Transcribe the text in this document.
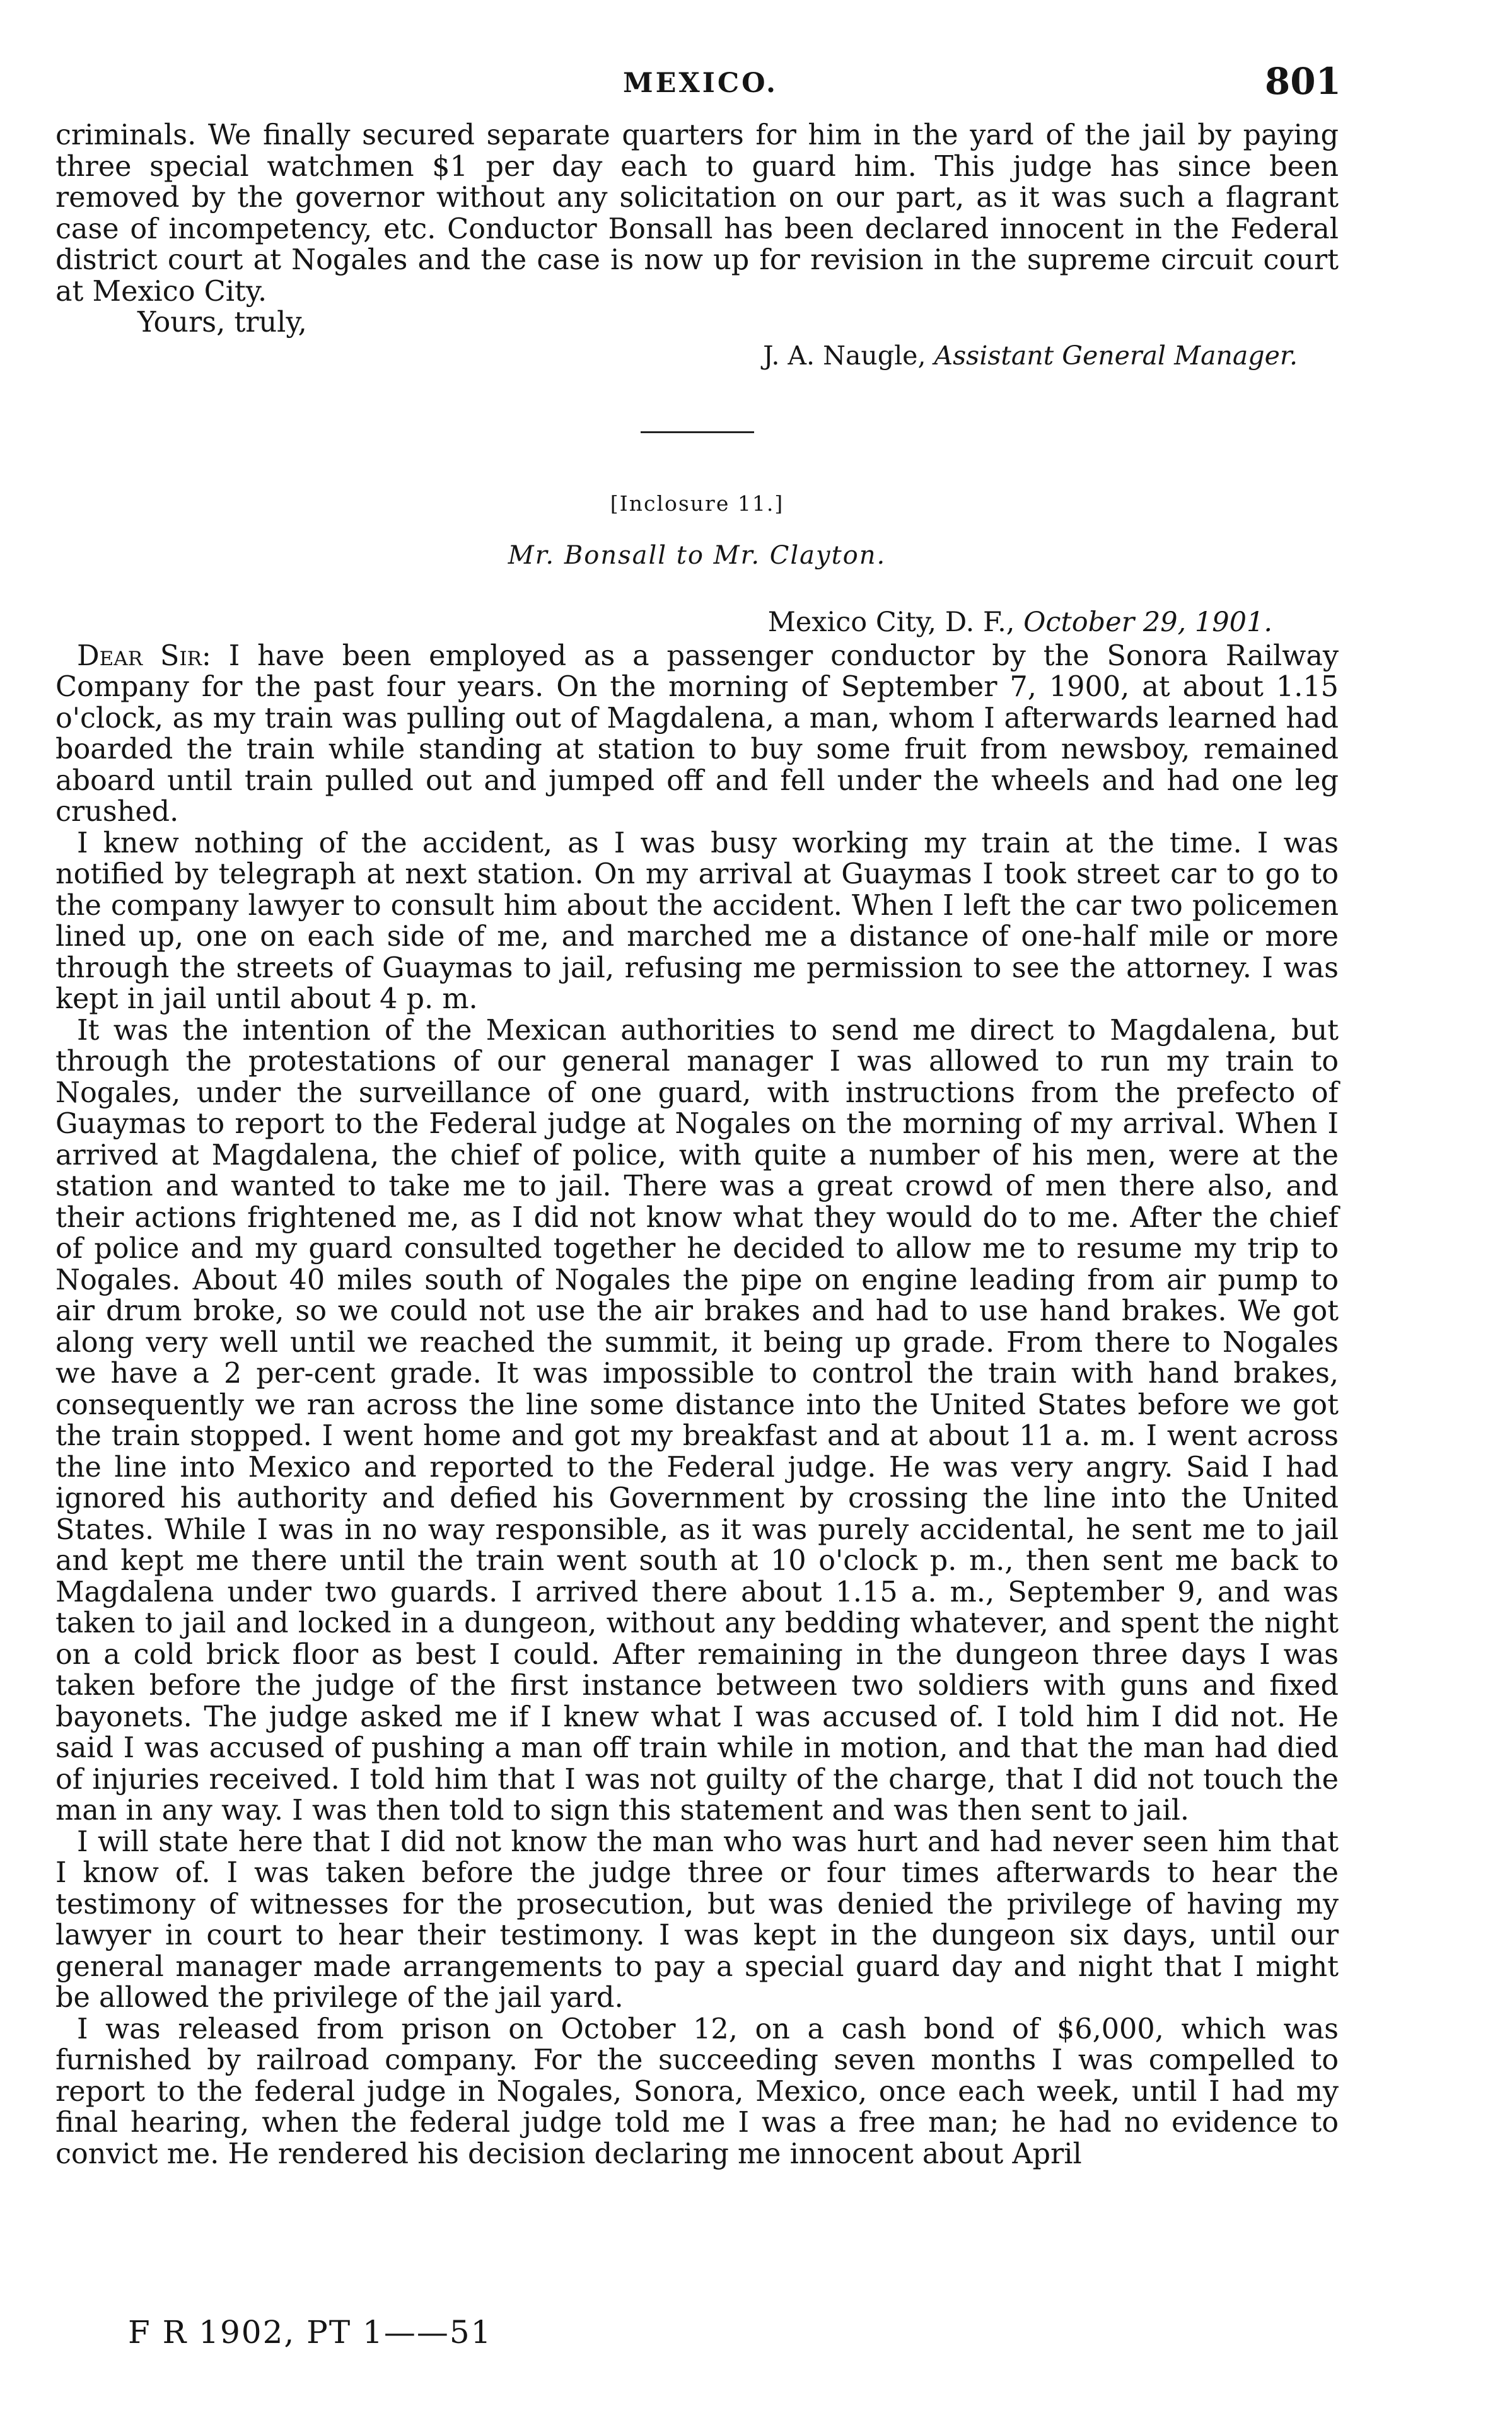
MEXICO.	801

criminals. We finally secured separate quarters for him in the yard of the jail by paying three special watchmen $1 per day each to guard him. This judge has since been removed by the governor without any solicitation on our part, as it was such a flagrant case of incompetency, etc. Conductor Bonsall has been declared innocent in the Federal district court at Nogales and the case is now up for revision in the supreme circuit court at Mexico City.

Yours, truly,

J. A. Naugle, Assistant General Manager.

[Inclosure 11.]

Mr. Bonsall to Mr. Clayton.

Mexico City, D. F., October 29, 1901.

Dear Sir: I have been employed as a passenger conductor by the Sonora Railway Company for the past four years. On the morning of September 7, 1900, at about 1.15 o'clock, as my train was pulling out of Magdalena, a man, whom I afterwards learned had boarded the train while standing at station to buy some fruit from newsboy, remained aboard until train pulled out and jumped off and fell under the wheels and had one leg crushed.

I knew nothing of the accident, as I was busy working my train at the time. I was notified by telegraph at next station. On my arrival at Guaymas I took street car to go to the company lawyer to consult him about the accident. When I left the car two policemen lined up, one on each side of me, and marched me a distance of one-half mile or more through the streets of Guaymas to jail, refusing me permission to see the attorney. I was kept in jail until about 4 p. m.

It was the intention of the Mexican authorities to send me direct to Magdalena, but through the protestations of our general manager I was allowed to run my train to Nogales, under the surveillance of one guard, with instructions from the prefecto of Guaymas to report to the Federal judge at Nogales on the morning of my arrival. When I arrived at Magdalena, the chief of police, with quite a number of his men, were at the station and wanted to take me to jail. There was a great crowd of men there also, and their actions frightened me, as I did not know what they would do to me. After the chief of police and my guard consulted together he decided to allow me to resume my trip to Nogales. About 40 miles south of Nogales the pipe on engine leading from air pump to air drum broke, so we could not use the air brakes and had to use hand brakes. We got along very well until we reached the summit, it being up grade. From there to Nogales we have a 2 per-cent grade. It was impossible to control the train with hand brakes, consequently we ran across the line some distance into the United States before we got the train stopped. I went home and got my breakfast and at about 11 a. m. I went across the line into Mexico and reported to the Federal judge. He was very angry. Said I had ignored his authority and defied his Government by crossing the line into the United States. While I was in no way responsible, as it was purely accidental, he sent me to jail and kept me there until the train went south at 10 o'clock p. m., then sent me back to Magdalena under two guards. I arrived there about 1.15 a. m., September 9, and was taken to jail and locked in a dungeon, without any bedding whatever, and spent the night on a cold brick floor as best I could. After remaining in the dungeon three days I was taken before the judge of the first instance between two soldiers with guns and fixed bayonets. The judge asked me if I knew what I was accused of. I told him I did not. He said I was accused of pushing a man off train while in motion, and that the man had died of injuries received. I told him that I was not guilty of the charge, that I did not touch the man in any way. I was then told to sign this statement and was then sent to jail.

I will state here that I did not know the man who was hurt and had never seen him that I know of. I was taken before the judge three or four times afterwards to hear the testimony of witnesses for the prosecution, but was denied the privilege of having my lawyer in court to hear their testimony. I was kept in the dungeon six days, until our general manager made arrangements to pay a special guard day and night that I might be allowed the privilege of the jail yard.

I was released from prison on October 12, on a cash bond of $6,000, which was furnished by railroad company. For the succeeding seven months I was compelled to report to the federal judge in Nogales, Sonora, Mexico, once each week, until I had my final hearing, when the federal judge told me I was a free man; he had no evidence to convict me. He rendered his decision declaring me innocent about April

F R 1902, PT 1——51
